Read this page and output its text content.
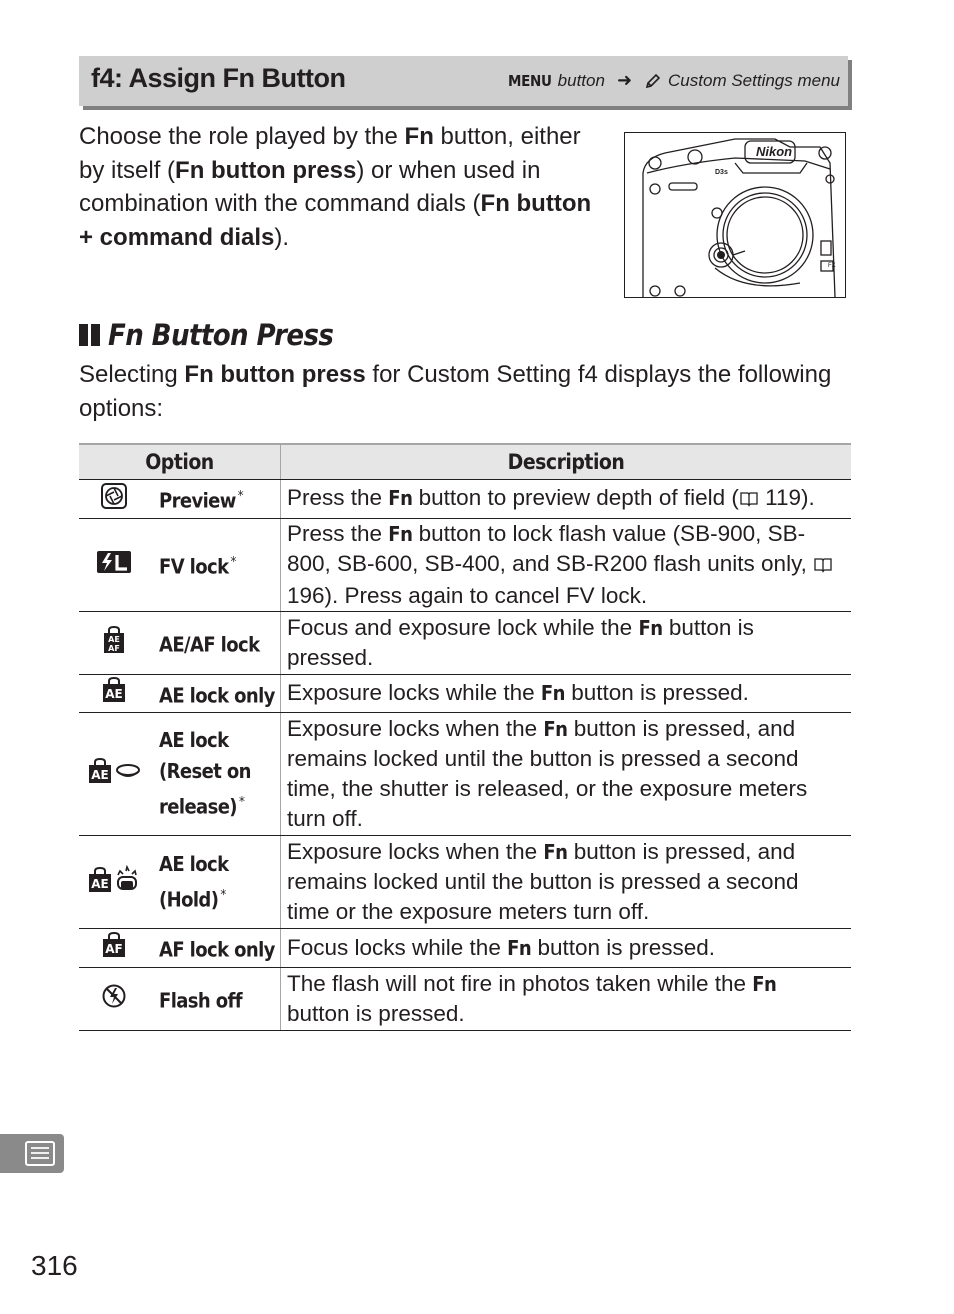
f4: Assign Fn Button	MENU button ➜ Custom Settings menu
Choose the role played by the Fn button, either by itself (Fn button press) or when used in combination with the command dials (Fn button + command dials).
Nikon
D3s
FX
Fn Button Press
Selecting Fn button press for Custom Setting f4 displays the following options:
Option		Description
	Preview *	Press the Fn button to preview depth of field ( 119).
	FV lock *	Press the Fn button to lock flash value (SB-900, SB-800, SB-600, SB-400, and SB-R200 flash units only,  196). Press again to cancel FV lock.

AE
AF	AE/AF lock	Focus and exposure lock while the Fn button is pressed.

AE	AE lock only	Exposure locks while the Fn button is pressed.

AE	AE lock (Reset on release) *	Exposure locks when the Fn button is pressed, and remains locked until the button is pressed a second time, the shutter is released, or the exposure meters turn off.

AE	AE lock (Hold) *	Exposure locks when the Fn button is pressed, and remains locked until the button is pressed a second time or the exposure meters turn off.

AF	AF lock only	Focus locks while the Fn button is pressed.
	Flash off	The flash will not fire in photos taken while the Fn button is pressed.
316
